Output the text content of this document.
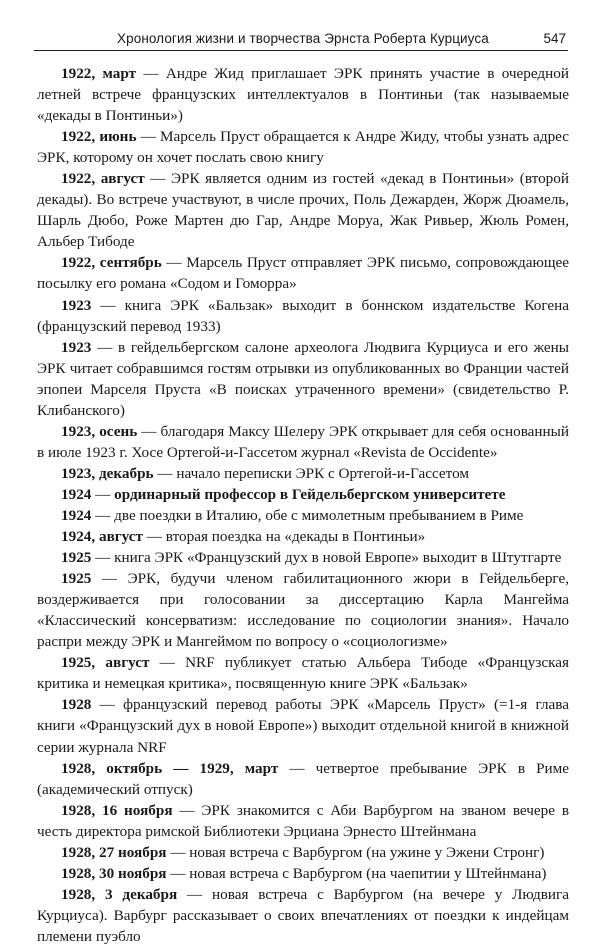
Хронология жизни и творчества Эрнста Роберта Курциуса	547

1922, март — Андре Жид приглашает ЭРК принять участие в очередной летней встрече французских интеллектуалов в Понтиньи (так называемые «декады в Понтиньи»)

1922, июнь — Марсель Пруст обращается к Андре Жиду, чтобы узнать адрес ЭРК, которому он хочет послать свою книгу

1922, август — ЭРК является одним из гостей «декад в Понтиньи» (второй декады). Во встрече участвуют, в числе прочих, Поль Дежарден, Жорж Дюамель, Шарль Дюбо, Роже Мартен дю Гар, Андре Моруа, Жак Ривьер, Жюль Ромен, Альбер Тибоде

1922, сентябрь — Марсель Пруст отправляет ЭРК письмо, сопровождающее посылку его романа «Содом и Гоморра»

1923 — книга ЭРК «Бальзак» выходит в боннском издательстве Когена (французский перевод 1933)

1923 — в гейдельбергском салоне археолога Людвига Курциуса и его жены ЭРК читает собравшимся гостям отрывки из опубликованных во Франции частей эпопеи Марселя Пруста «В поисках утраченного времени» (свидетельство Р. Клибанского)

1923, осень — благодаря Максу Шелеру ЭРК открывает для себя основанный в июле 1923 г. Хосе Ортегой-и-Гассетом журнал «Revista de Occidente»

1923, декабрь — начало переписки ЭРК с Ортегой-и-Гассетом

1924 — ординарный профессор в Гейдельбергском университете

1924 — две поездки в Италию, обе с мимолетным пребыванием в Риме

1924, август — вторая поездка на «декады в Понтиньи»

1925 — книга ЭРК «Французский дух в новой Европе» выходит в Штутгарте

1925 — ЭРК, будучи членом габилитационного жюри в Гейдельберге, воздерживается при голосовании за диссертацию Карла Мангейма «Классический консерватизм: исследование по социологии знания». Начало распри между ЭРК и Мангеймом по вопросу о «социологизме»

1925, август — NRF публикует статью Альбера Тибоде «Французская критика и немецкая критика», посвященную книге ЭРК «Бальзак»

1928 — французский перевод работы ЭРК «Марсель Пруст» (=1-я глава книги «Французский дух в новой Европе») выходит отдельной книгой в книжной серии журнала NRF

1928, октябрь — 1929, март — четвертое пребывание ЭРК в Риме (академический отпуск)

1928, 16 ноября — ЭРК знакомится с Аби Варбургом на званом вечере в честь директора римской Библиотеки Эрциана Эрнесто Штейнмана

1928, 27 ноября — новая встреча с Варбургом (на ужине у Эжени Стронг)

1928, 30 ноября — новая встреча с Варбургом (на чаепитии у Штейнмана)

1928, 3 декабря — новая встреча с Варбургом (на вечере у Людвига Курциуса). Варбург рассказывает о своих впечатлениях от поездки к индейцам племени пуэбло
